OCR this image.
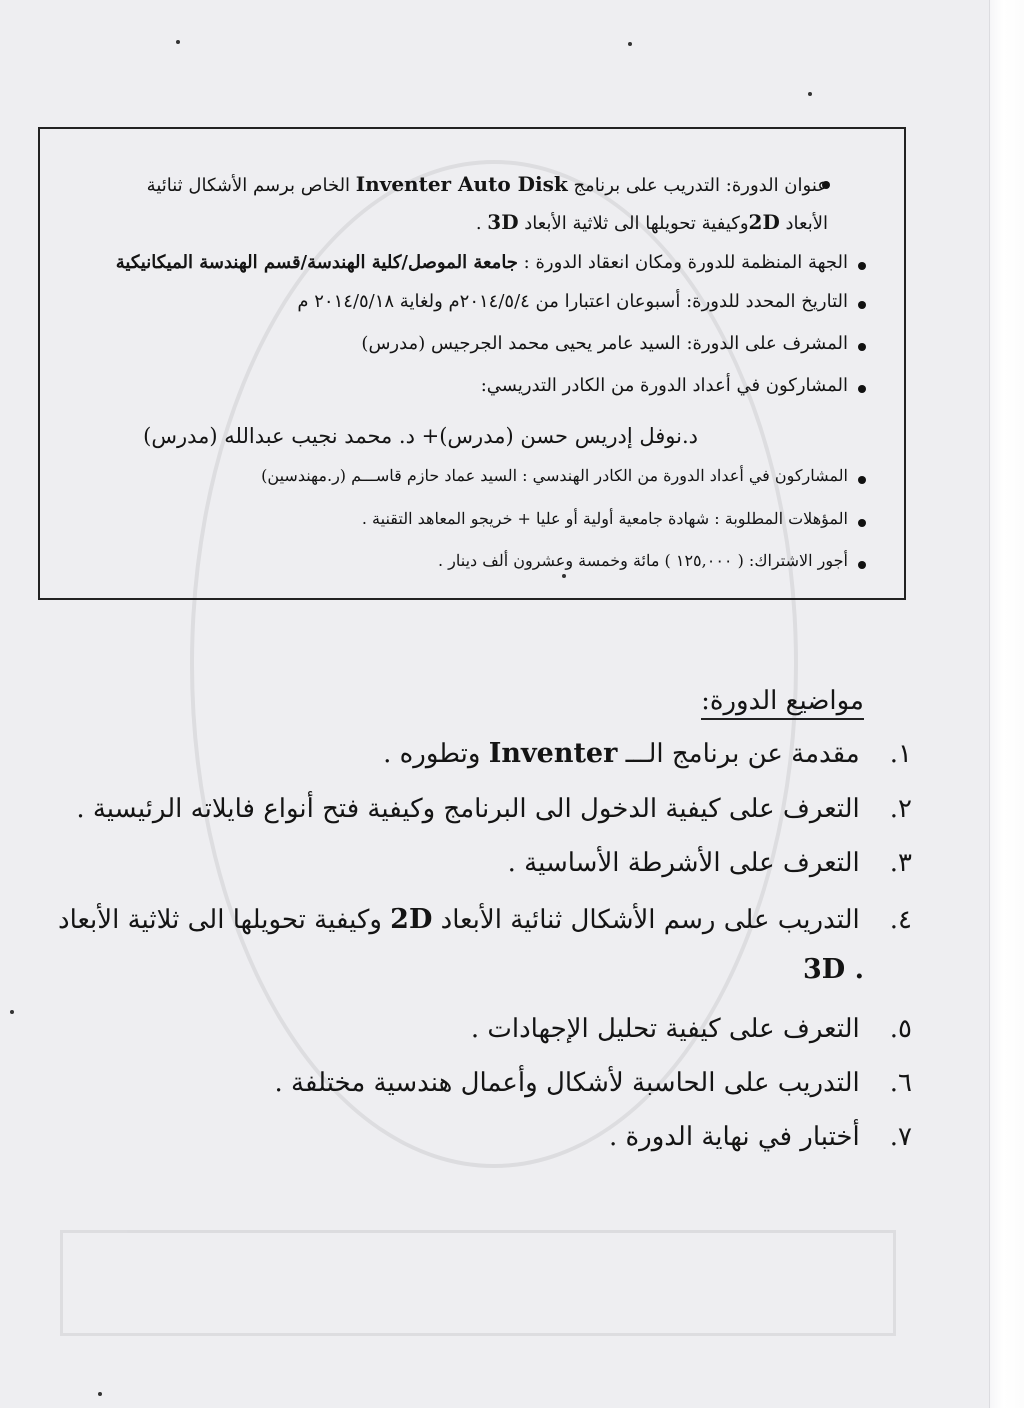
عنوان الدورة: التدريب على برنامج Inventer Auto Disk الخاص برسم الأشكال ثنائية
الأبعاد 2Dوكيفية تحويلها الى ثلاثية الأبعاد 3D .
الجهة المنظمة للدورة ومكان انعقاد الدورة : جامعة الموصل/كلية الهندسة/قسم الهندسة الميكانيكية
التاريخ المحدد للدورة: أسبوعان اعتبارا من ٢٠١٤/٥/٤م ولغاية ٢٠١٤/٥/١٨ م
المشرف على الدورة: السيد عامر يحيى محمد الجرجيس (مدرس)
المشاركون في أعداد الدورة من الكادر التدريسي:
د.نوفل إدريس حسن (مدرس)+ د. محمد نجيب عبدالله (مدرس)
المشاركون في أعداد الدورة من الكادر الهندسي : السيد عماد حازم قاســـم (ر.مهندسين)
المؤهلات المطلوبة : شهادة جامعية أولية أو عليا + خريجو المعاهد التقنية .
أجور الاشتراك: ( ١٢٥,٠٠٠ ) مائة وخمسة وعشرون ألف دينار .
مواضيع الدورة:
١. مقدمة عن برنامج الـــ Inventer وتطوره .
٢. التعرف على كيفية الدخول الى البرنامج وكيفية فتح أنواع فايلاته الرئيسية .
٣. التعرف على الأشرطة الأساسية .
٤. التدريب على رسم الأشكال ثنائية الأبعاد 2D وكيفية تحويلها الى ثلاثية الأبعاد
. 3D
٥. التعرف على كيفية تحليل الإجهادات .
٦. التدريب على الحاسبة لأشكال وأعمال هندسية مختلفة .
٧. أختبار في نهاية الدورة .
